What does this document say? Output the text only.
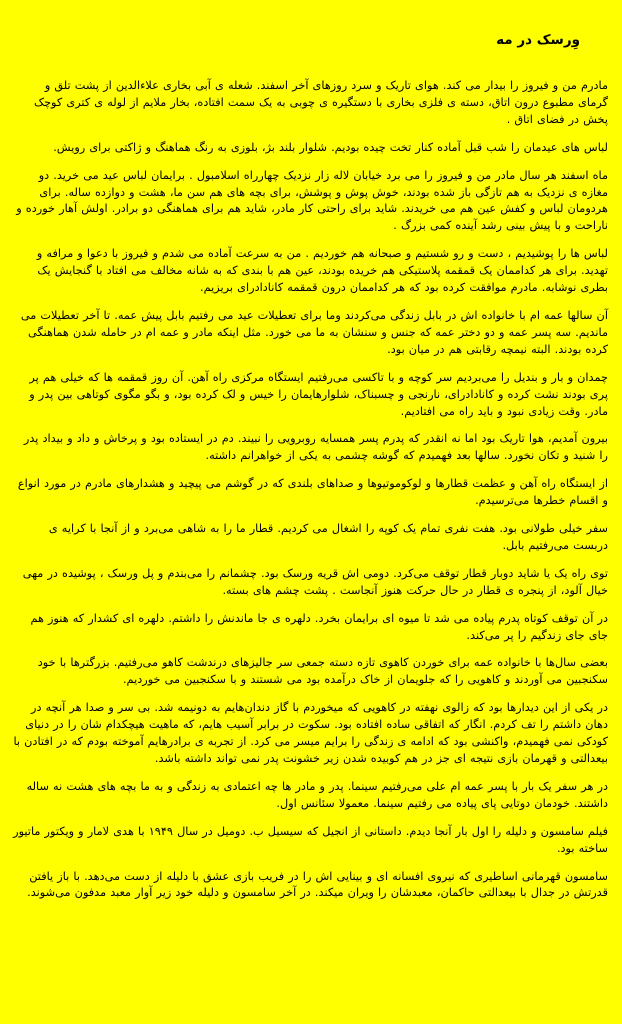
وِرسک در مه

مادرم من و فیروز را بیدار می کند. هوای تاریک و سرد روزهای آخر اسفند. شعله ی آبی بخاری علاءالدین از پشت تلق و گرمای مطبوع درون اتاق، دسته ی فلزی بخاری با دستگیره ی چوبی به یک سمت افتاده، بخار ملایم از لوله ی کتری کوچک پخش در فضای اتاق .

لباس های عیدمان را شب قبل آماده کنار تخت چیده بودیم. شلوار بلند بژ، بلوزی به رنگ هماهنگ و ژاکتی برای رویش.

ماه اسفند هر سال مادر من و فیروز را می برد خیابان لاله زار نزدیک چهارراه اسلامبول . برایمان لباس عید می خرید. دو مغازه ی نزدیک به هم تازگی باز شده بودند، خوش پوش و پوشش، برای بچه های هم سن ما، هشت و دوازده ساله. برای هردومان لباس و کفش عین هم می خریدند. شاید برای راحتی کار مادر، شاید هم برای هماهنگی دو برادر. اولش آهار خورده و ناراحت و با پیش بینی رشد آینده کمی بزرگ .

لباس ها را پوشیدیم ، دست و رو شستیم و صبحانه هم خوردیم . من به سرعت آماده می شدم و فیروز با دعوا و مرافه و تهدید. برای هر کداممان یک قمقمه پلاستیکی هم خریده بودند، عین هم با بندی که به شانه مخالف می افتاد با گنجایش یک بطری نوشابه. مادرم موافقت کرده بود که هر کداممان درون قمقمه کانادادرای بریزیم.

آن سالها عمه ام با خانواده اش در بابل زندگی می‌کردند وما برای تعطیلات عید می رفتیم بابل پیش عمه. تا آخر تعطیلات می ماندیم. سه پسر عمه و دو دختر عمه که جنس و سنشان به ما می خورد. مثل اینکه مادر و عمه ام در حامله شدن هماهنگی کرده بودند. البته نیمچه رقابتی هم در میان بود.

چمدان و بار و بندیل را می‌بردیم سر کوچه و با تاکسی می‌رفتیم ایستگاه مرکزی راه آهن. آن روز قمقمه ها که خیلی هم پر پری بودند نشت کرده و کانادادرای، نارنجی و چسبناک، شلوارهایمان را خیس و لک کرده بود، و بگو مگوی کوتاهی بین پدر و مادر. وقت زیادی نبود و باید راه می افتادیم.

بیرون آمدیم، هوا تاریک بود اما نه انقدر که پدرم پسر همسایه روبرویی را نبیند. دم در ایستاده بود و پرخاش و داد و بیداد پدر را شنید و تکان نخورد. سالها بعد فهمیدم که گوشه چشمی به یکی از خواهرانم داشته.

از ایستگاه راه آهن و عظمت قطارها و لوکوموتیوها و صداهای بلندی که در گوشم می پیچید و هشدارهای مادرم در مورد انواع و اقسام خطرها می‌ترسیدم.

سفر خیلی طولانی بود. هفت نفری تمام یک کوپه را اشغال می کردیم. قطار ما را به شاهی می‌برد و از آنجا با کرایه ی دربست می‌رفتیم بابل.

توی راه یک یا شاید دوبار قطار توقف می‌کرد. دومی اش قریه ورسک بود. چشمانم را می‌بندم و پل ورسک ، پوشیده در مهی خیال آلود، از پنجره ی قطار در حال حرکت هنوز آنجاست . پشت چشم های بسته.

در آن توقف کوتاه پدرم پیاده می شد تا میوه ای برایمان بخرد. دلهره ی جا ماندنش را داشتم. دلهره ای کشدار که هنوز هم جای جای زندگیم را پر می‌کند.

بعضی سال‌ها با خانواده عمه برای خوردن کاهوی تازه دسته جمعی سر جالیزهای درندشت کاهو می‌رفتیم. بزرگترها با خود سکنجبین می آوردند و کاهویی را که جلویمان از خاک درآمده بود می شستند و با سکنجبین می خوردیم.

در یکی از این دیدارها بود که زالوی نهفته در کاهویی که میخوردم با گاز دندان‌هایم به دونیمه شد. بی سر و صدا هر آنچه در دهان داشتم را تف کردم. انگار که اتفاقی ساده افتاده بود. سکوت در برابر آسیب هایم، که ماهیت هیچکدام شان را در دنیای کودکی نمی فهمیدم، واکنشی بود که ادامه ی زندگی را برایم میسر می کرد. از تجربه ی برادرهایم آموخته بودم که در افتادن با بیعدالتی و قهرمان بازی نتیجه ای جز در هم کوبیده شدن زیر خشونت پدر نمی تواند داشته باشد.

در هر سفر یک بار با پسر عمه ام علی می‌رفتیم سینما. پدر و مادر ها چه اعتمادی به زندگی و به ما بچه های هشت نه ساله داشتند. خودمان دوتایی پای پیاده می رفتیم سینما. معمولا سئانس اول.

فیلم سامسون و دلیله را اول بار آنجا دیدم. داستانی از انجیل که سیسیل ب. دومیل در سال ۱۹۴۹ با هدی لامار و ویکتور ماتیور ساخته بود.

سامسون قهرمانی اساطیری که نیروی افسانه ای و بینایی اش را در فریب بازی عشق با دلیله از دست می‌دهد. با باز یافتن قدرتش در جدال با بیعدالتی حاکمان، معبدشان را ویران میکند. در آخر سامسون و دلیله خود زیر آوار معبد مدفون می‌شوند.
